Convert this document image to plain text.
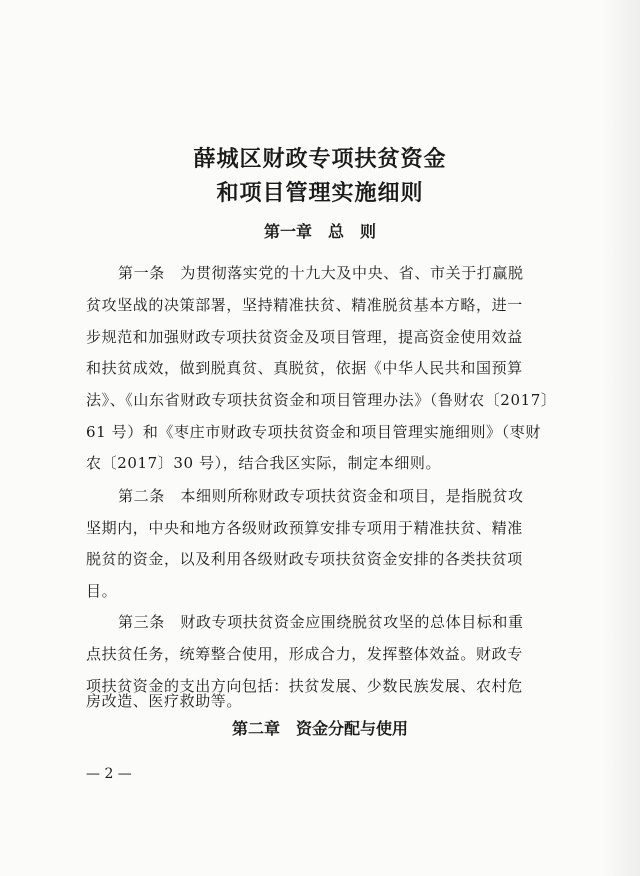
薛城区财政专项扶贫资金
和项目管理实施细则
第一章　总　则
第一条　为贯彻落实党的十九大及中央、省、市关于打赢脱
贫攻坚战的决策部署，坚持精准扶贫、精准脱贫基本方略，进一
步规范和加强财政专项扶贫资金及项目管理，提高资金使用效益
和扶贫成效，做到脱真贫、真脱贫，依据《中华人民共和国预算
法》、《山东省财政专项扶贫资金和项目管理办法》（鲁财农〔2017〕
61 号）和《枣庄市财政专项扶贫资金和项目管理实施细则》（枣财
农〔2017〕30 号），结合我区实际，制定本细则。
第二条　本细则所称财政专项扶贫资金和项目，是指脱贫攻
坚期内，中央和地方各级财政预算安排专项用于精准扶贫、精准
脱贫的资金，以及利用各级财政专项扶贫资金安排的各类扶贫项
目。
第三条　财政专项扶贫资金应围绕脱贫攻坚的总体目标和重
点扶贫任务，统筹整合使用，形成合力，发挥整体效益。财政专
项扶贫资金的支出方向包括：扶贫发展、少数民族发展、农村危
房改造、医疗救助等。
第二章　资金分配与使用
— 2 —
